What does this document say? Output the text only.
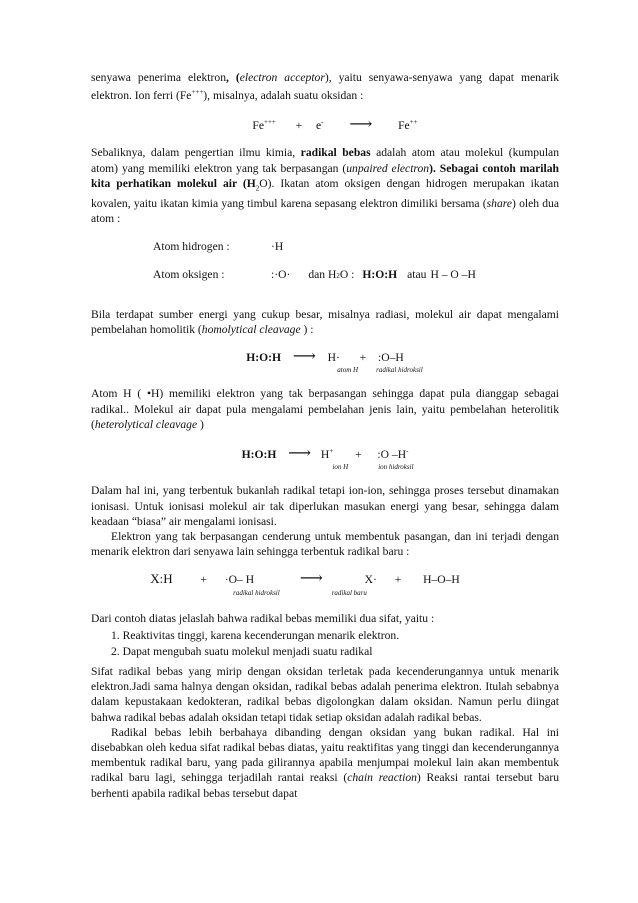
senyawa penerima elektron, (electron acceptor), yaitu senyawa-senyawa yang dapat menarik elektron. Ion ferri (Fe+++), misalnya, adalah suatu oksidan :

Fe+++ + e- ⟶ Fe++

Sebaliknya, dalam pengertian ilmu kimia, radikal bebas adalah atom atau molekul (kumpulan atom) yang memiliki elektron yang tak berpasangan (unpaired electron). Sebagai contoh marilah kita perhatikan molekul air $(H_2O)$. Ikatan atom oksigen dengan hidrogen merupakan ikatan kovalen, yaitu ikatan kimia yang timbul karena sepasang elektron dimiliki bersama (share) oleh dua atom :

Atom hidrogen :	·H
Atom oksigen :	:·O· dan H 2 O : H:O:H atau H – O –H

Bila terdapat sumber energi yang cukup besar, misalnya radiasi, molekul air dapat mengalami pembelahan homolitik (homolytical cleavage ) :

H:O:H ⟶ H· + :O–H
atom H	radikal hidroksil

Atom H ( •H) memiliki elektron yang tak berpasangan sehingga dapat pula dianggap sebagai radikal.. Molekul air dapat pula mengalami pembelahan jenis lain, yaitu pembelahan heterolitik (heterolytical cleavage )

H:O:H ⟶ H+ + :O –H-
ion H	ion hidroksil

Dalam hal ini, yang terbentuk bukanlah radikal tetapi ion-ion, sehingga proses tersebut dinamakan ionisasi. Untuk ionisasi molekul air tak diperlukan masukan energi yang besar, sehingga dalam keadaan “biasa” air mengalami ionisasi.

Elektron yang tak berpasangan cenderung untuk membentuk pasangan, dan ini terjadi dengan menarik elektron dari senyawa lain sehingga terbentuk radikal baru :

X:H + ·O– H	⟶	X· + H–O–H
radikal hidroksil	radikal baru

Dari contoh diatas jelaslah bahwa radikal bebas memiliki dua sifat, yaitu :

1. Reaktivitas tinggi, karena kecenderungan menarik elektron.
2. Dapat mengubah suatu molekul menjadi suatu radikal

Sifat radikal bebas yang mirip dengan oksidan terletak pada kecenderungannya untuk menarik elektron.Jadi sama halnya dengan oksidan, radikal bebas adalah penerima elektron. Itulah sebabnya dalam kepustakaan kedokteran, radikal bebas digolongkan dalam oksidan. Namun perlu diingat bahwa radikal bebas adalah oksidan tetapi tidak setiap oksidan adalah radikal bebas.

Radikal bebas lebih berbahaya dibanding dengan oksidan yang bukan radikal. Hal ini disebabkan oleh kedua sifat radikal bebas diatas, yaitu reaktifitas yang tinggi dan kecenderungannya membentuk radikal baru, yang pada gilirannya apabila menjumpai molekul lain akan membentuk radikal baru lagi, sehingga terjadilah rantai reaksi (chain reaction) Reaksi rantai tersebut baru berhenti apabila radikal bebas tersebut dapat
